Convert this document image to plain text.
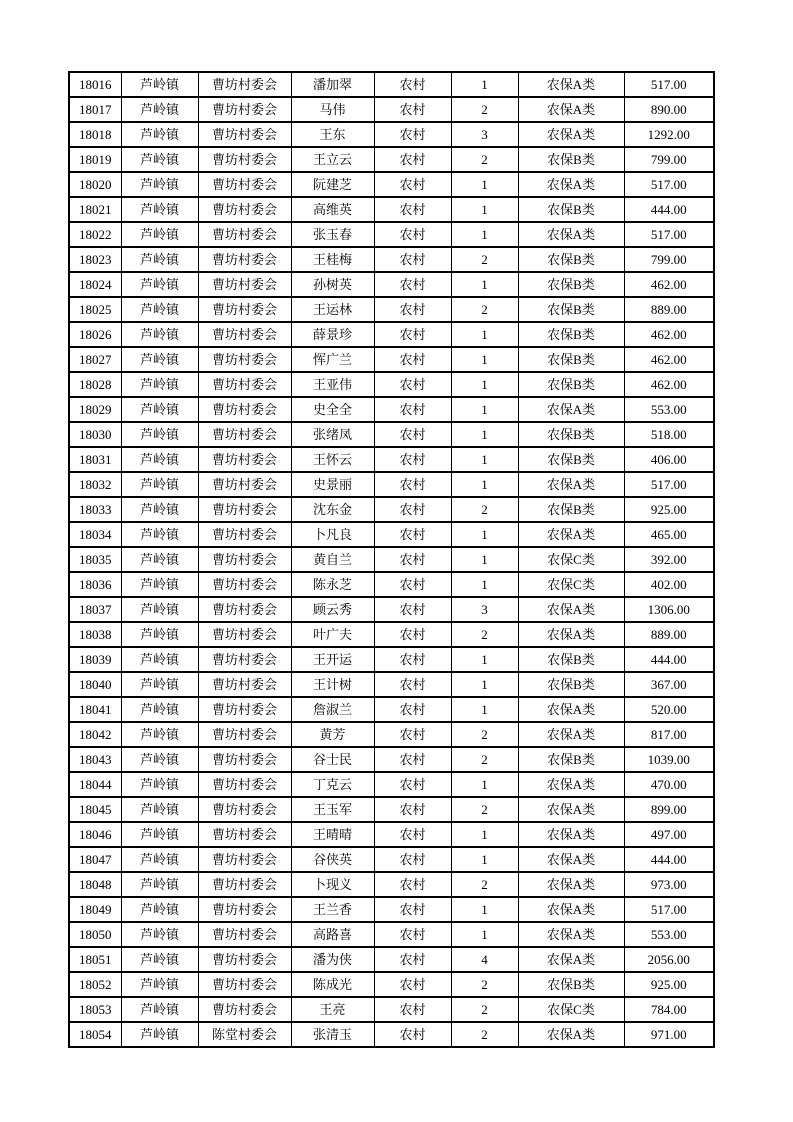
18016	芦岭镇	曹坊村委会	潘加翠	农村	1	农保A类	517.00
18017	芦岭镇	曹坊村委会	马伟	农村	2	农保A类	890.00
18018	芦岭镇	曹坊村委会	王东	农村	3	农保A类	1292.00
18019	芦岭镇	曹坊村委会	王立云	农村	2	农保B类	799.00
18020	芦岭镇	曹坊村委会	阮建芝	农村	1	农保A类	517.00
18021	芦岭镇	曹坊村委会	高维英	农村	1	农保B类	444.00
18022	芦岭镇	曹坊村委会	张玉春	农村	1	农保A类	517.00
18023	芦岭镇	曹坊村委会	王桂梅	农村	2	农保B类	799.00
18024	芦岭镇	曹坊村委会	孙树英	农村	1	农保B类	462.00
18025	芦岭镇	曹坊村委会	王运林	农村	2	农保B类	889.00
18026	芦岭镇	曹坊村委会	薛景珍	农村	1	农保B类	462.00
18027	芦岭镇	曹坊村委会	恽广兰	农村	1	农保B类	462.00
18028	芦岭镇	曹坊村委会	王亚伟	农村	1	农保B类	462.00
18029	芦岭镇	曹坊村委会	史全全	农村	1	农保A类	553.00
18030	芦岭镇	曹坊村委会	张绪凤	农村	1	农保B类	518.00
18031	芦岭镇	曹坊村委会	王怀云	农村	1	农保B类	406.00
18032	芦岭镇	曹坊村委会	史景丽	农村	1	农保A类	517.00
18033	芦岭镇	曹坊村委会	沈东金	农村	2	农保B类	925.00
18034	芦岭镇	曹坊村委会	卜凡良	农村	1	农保A类	465.00
18035	芦岭镇	曹坊村委会	黄自兰	农村	1	农保C类	392.00
18036	芦岭镇	曹坊村委会	陈永芝	农村	1	农保C类	402.00
18037	芦岭镇	曹坊村委会	顾云秀	农村	3	农保A类	1306.00
18038	芦岭镇	曹坊村委会	叶广夫	农村	2	农保A类	889.00
18039	芦岭镇	曹坊村委会	王开运	农村	1	农保B类	444.00
18040	芦岭镇	曹坊村委会	王计树	农村	1	农保B类	367.00
18041	芦岭镇	曹坊村委会	詹淑兰	农村	1	农保A类	520.00
18042	芦岭镇	曹坊村委会	黄芳	农村	2	农保A类	817.00
18043	芦岭镇	曹坊村委会	谷士民	农村	2	农保B类	1039.00
18044	芦岭镇	曹坊村委会	丁克云	农村	1	农保A类	470.00
18045	芦岭镇	曹坊村委会	王玉军	农村	2	农保A类	899.00
18046	芦岭镇	曹坊村委会	王晴晴	农村	1	农保A类	497.00
18047	芦岭镇	曹坊村委会	谷侠英	农村	1	农保A类	444.00
18048	芦岭镇	曹坊村委会	卜现义	农村	2	农保A类	973.00
18049	芦岭镇	曹坊村委会	王兰香	农村	1	农保A类	517.00
18050	芦岭镇	曹坊村委会	高路喜	农村	1	农保A类	553.00
18051	芦岭镇	曹坊村委会	潘为侠	农村	4	农保A类	2056.00
18052	芦岭镇	曹坊村委会	陈成光	农村	2	农保B类	925.00
18053	芦岭镇	曹坊村委会	王亮	农村	2	农保C类	784.00
18054	芦岭镇	陈堂村委会	张清玉	农村	2	农保A类	971.00
